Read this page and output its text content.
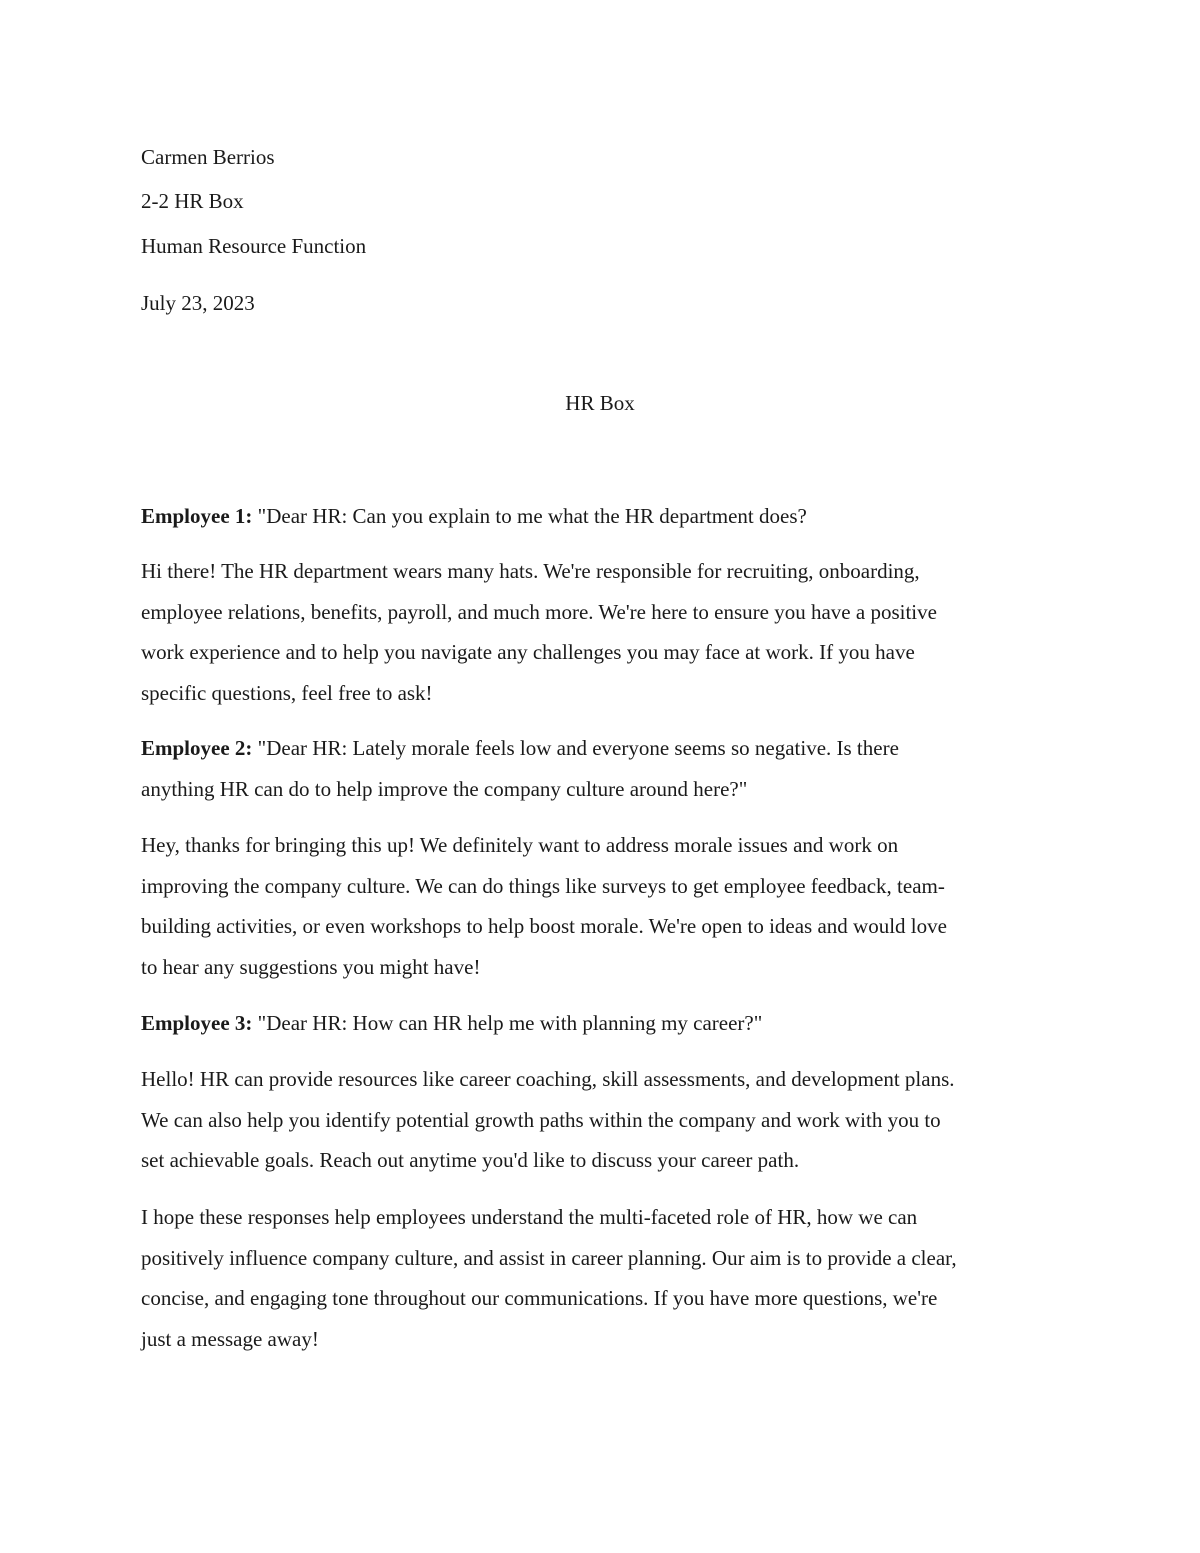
Carmen Berrios
2-2 HR Box
Human Resource Function
July 23, 2023
HR Box
Employee 1: "Dear HR: Can you explain to me what the HR department does?
Hi there! The HR department wears many hats. We're responsible for recruiting, onboarding,
employee relations, benefits, payroll, and much more. We're here to ensure you have a positive
work experience and to help you navigate any challenges you may face at work. If you have
specific questions, feel free to ask!
Employee 2: "Dear HR: Lately morale feels low and everyone seems so negative. Is there
anything HR can do to help improve the company culture around here?"
Hey, thanks for bringing this up! We definitely want to address morale issues and work on
improving the company culture. We can do things like surveys to get employee feedback, team-
building activities, or even workshops to help boost morale. We're open to ideas and would love
to hear any suggestions you might have!
Employee 3: "Dear HR: How can HR help me with planning my career?"
Hello! HR can provide resources like career coaching, skill assessments, and development plans.
We can also help you identify potential growth paths within the company and work with you to
set achievable goals. Reach out anytime you'd like to discuss your career path.
I hope these responses help employees understand the multi-faceted role of HR, how we can
positively influence company culture, and assist in career planning. Our aim is to provide a clear,
concise, and engaging tone throughout our communications. If you have more questions, we're
just a message away!
